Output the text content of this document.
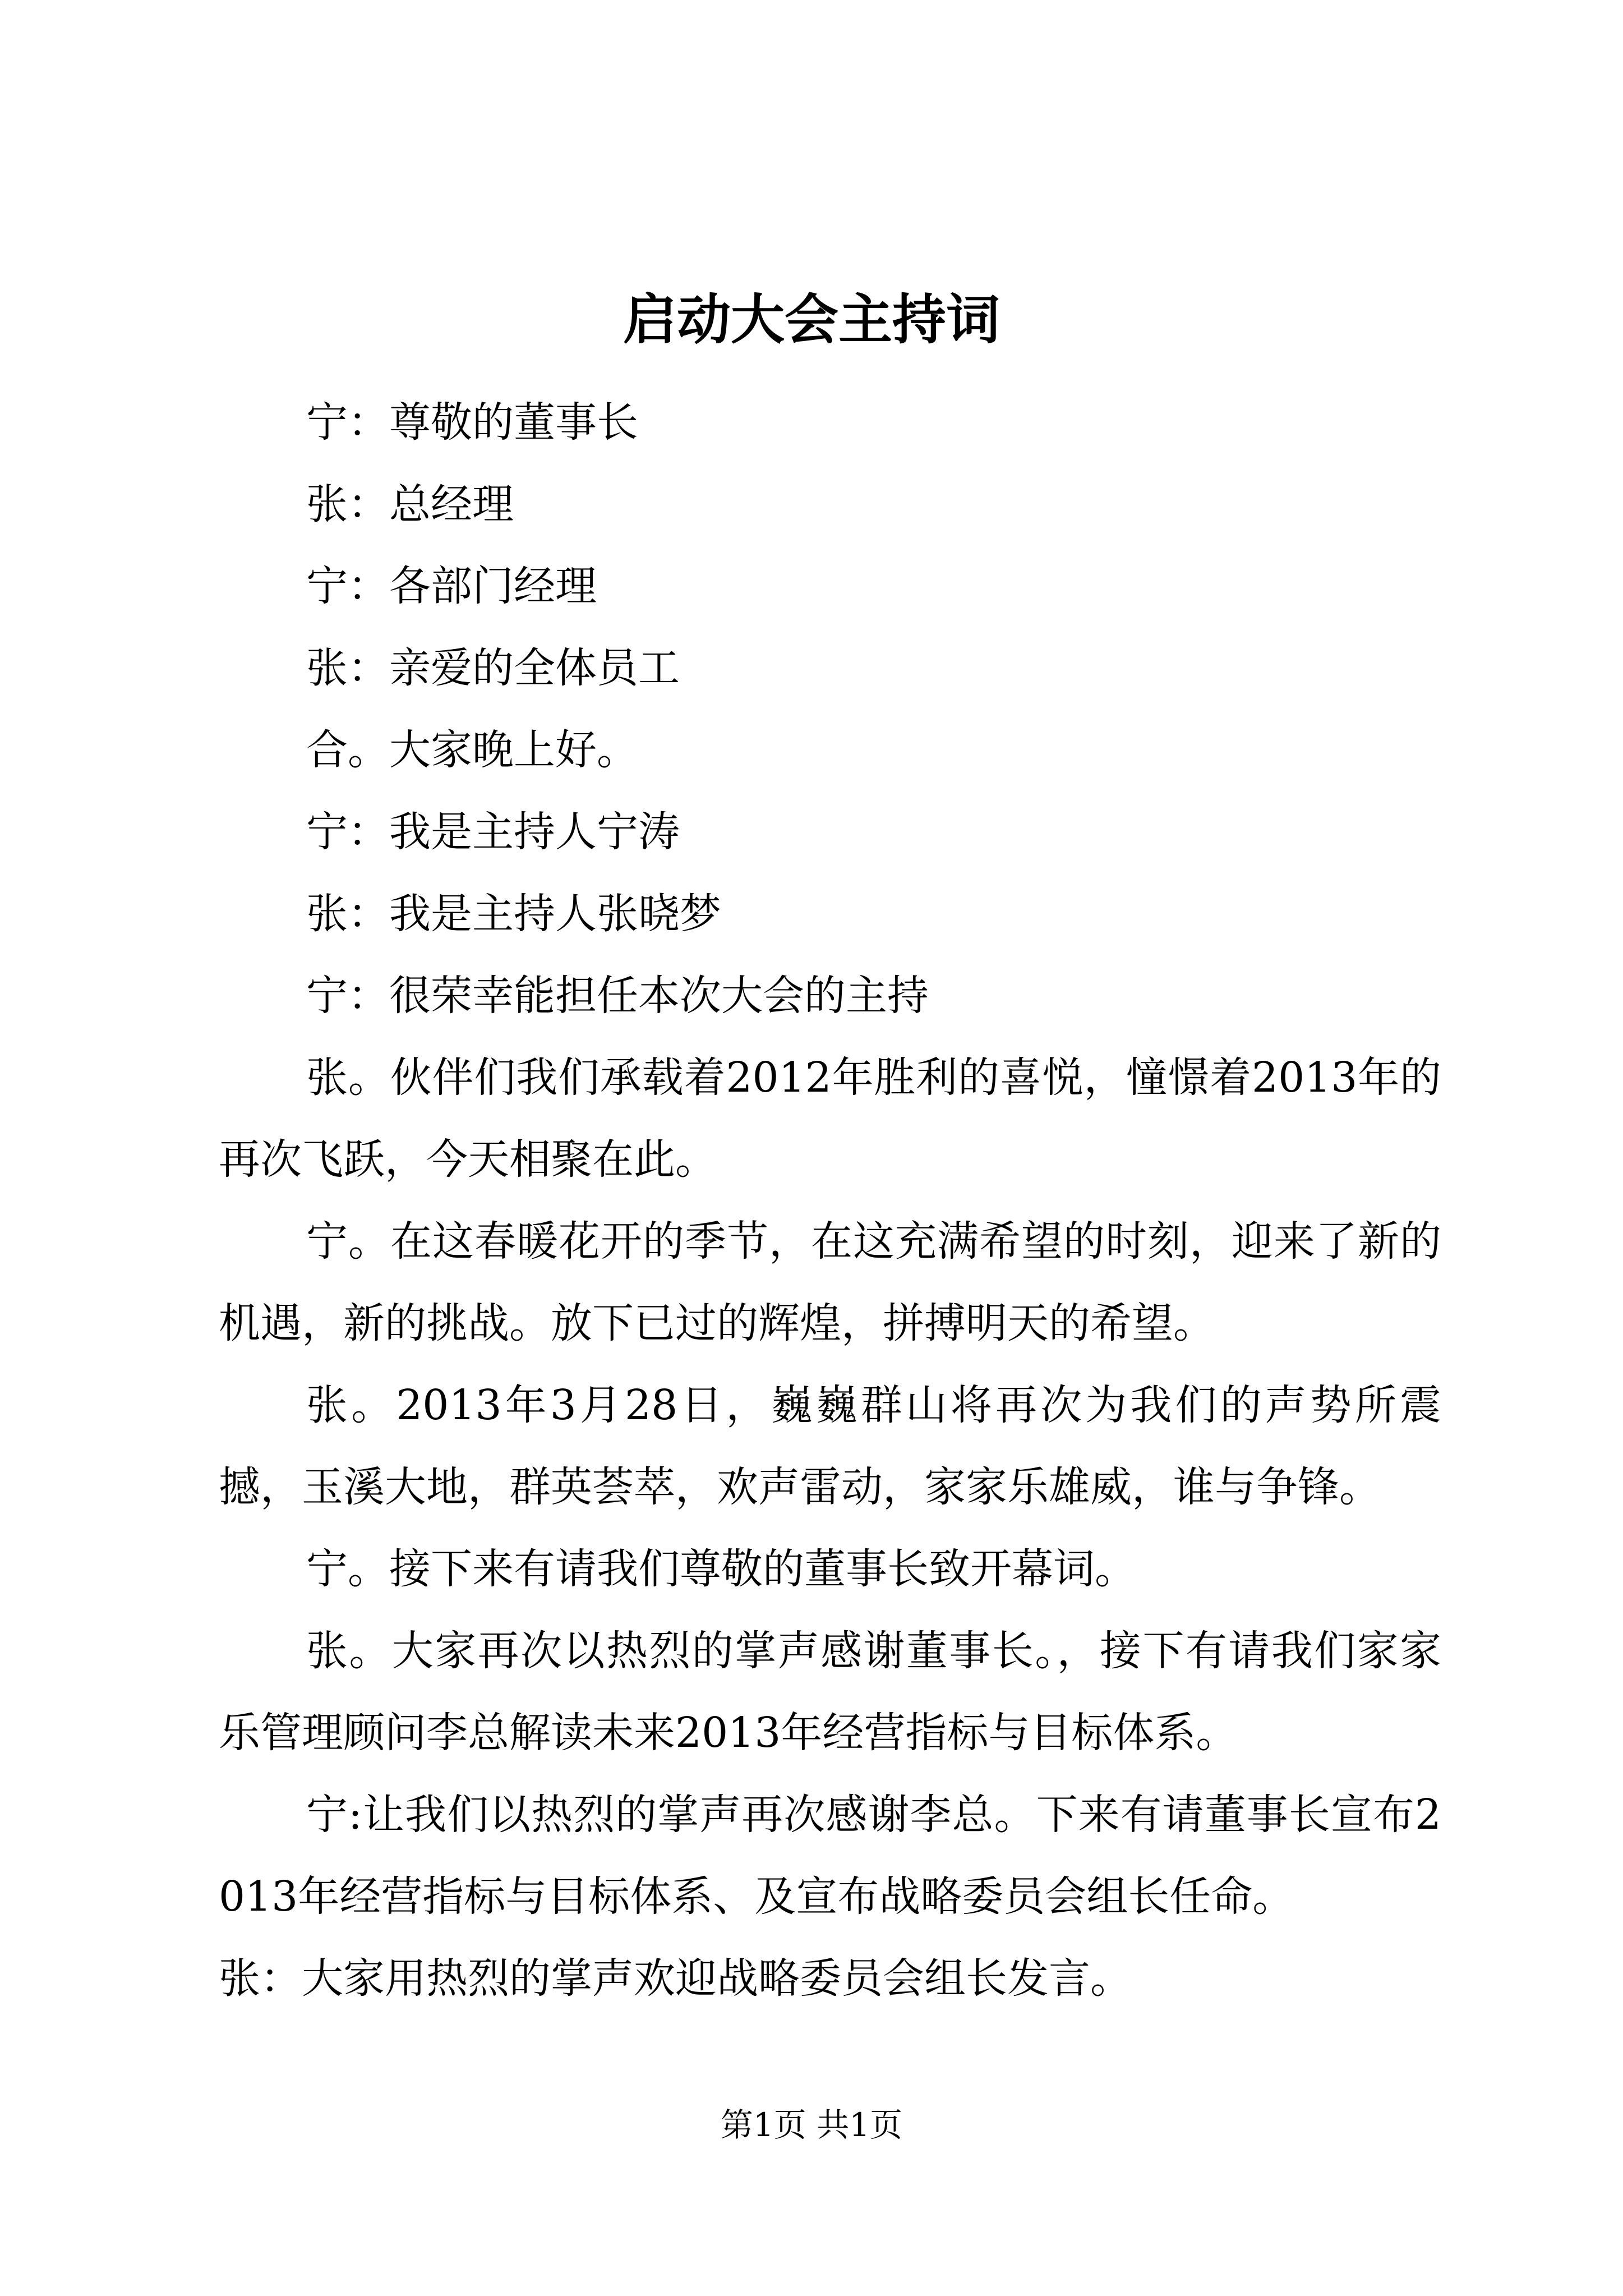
启动大会主持词

宁：尊敬的董事长

张：总经理

宁：各部门经理

张：亲爱的全体员工

合。大家晚上好。

宁：我是主持人宁涛

张：我是主持人张晓梦

宁：很荣幸能担任本次大会的主持

张。伙伴们我们承载着2012年胜利的喜悦，憧憬着2013年的再次飞跃，今天相聚在此。

宁。在这春暖花开的季节，在这充满希望的时刻，迎来了新的机遇，新的挑战。放下已过的辉煌，拼搏明天的希望。

张。2013年3月28日，巍巍群山将再次为我们的声势所震撼，玉溪大地，群英荟萃，欢声雷动，家家乐雄威，谁与争锋。

宁。接下来有请我们尊敬的董事长致开幕词。

张。大家再次以热烈的掌声感谢董事长。，接下有请我们家家乐管理顾问李总解读未来2013年经营指标与目标体系。

宁:让我们以热烈的掌声再次感谢李总。下来有请董事长宣布2013年经营指标与目标体系、及宣布战略委员会组长任命。

张：大家用热烈的掌声欢迎战略委员会组长发言。

第1页 共1页
